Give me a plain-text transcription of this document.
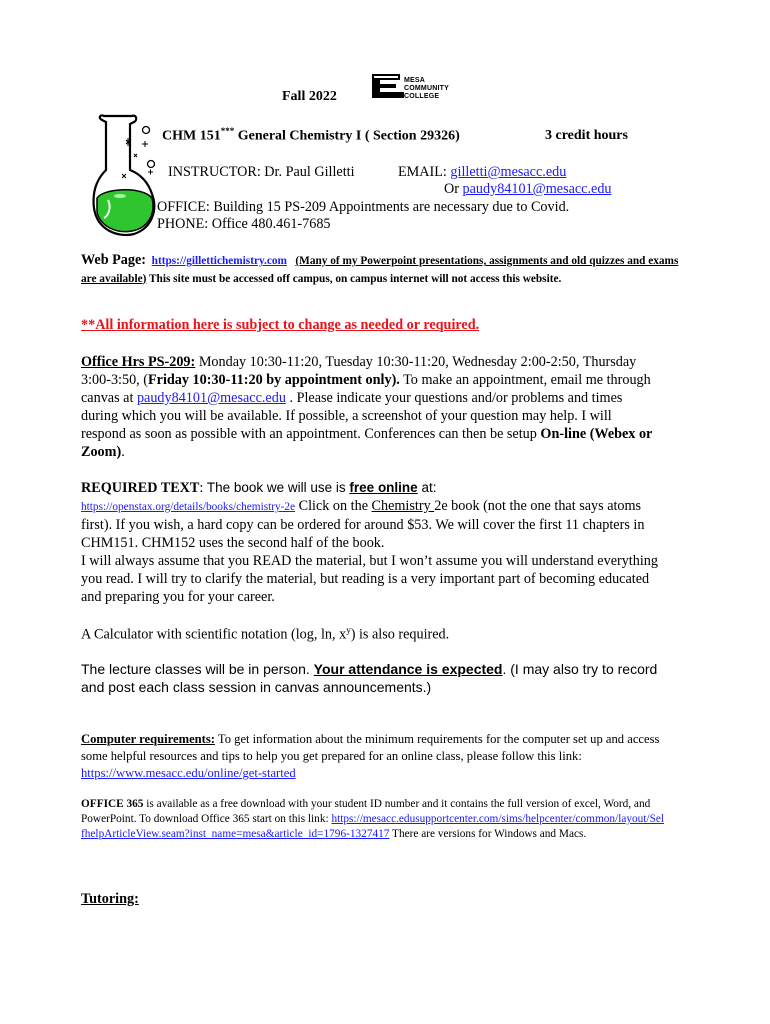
Fall 2022
MESA COMMUNITY COLLEGE
CHM 151*** General Chemistry I ( Section 29326)	3 credit hours
INSTRUCTOR: Dr. Paul Gilletti	EMAIL: gilletti@mesacc.edu
Or paudy84101@mesacc.edu
OFFICE: Building 15 PS-209 Appointments are necessary due to Covid.
PHONE: Office 480.461-7685
Web Page: https://gillettichemistry.com (Many of my Powerpoint presentations, assignments and old quizzes and exams are available) This site must be accessed off campus, on campus internet will not access this website.
**All information here is subject to change as needed or required.
Office Hrs PS-209: Monday 10:30-11:20, Tuesday 10:30-11:20, Wednesday 2:00-2:50, Thursday 3:00-3:50, (Friday 10:30-11:20 by appointment only). To make an appointment, email me through canvas at paudy84101@mesacc.edu . Please indicate your questions and/or problems and times during which you will be available. If possible, a screenshot of your question may help. I will respond as soon as possible with an appointment. Conferences can then be setup On-line (Webex or Zoom).
REQUIRED TEXT: The book we will use is free online at:
https://openstax.org/details/books/chemistry-2e Click on the Chemistry 2e book (not the one that says atoms first). If you wish, a hard copy can be ordered for around $53. We will cover the first 11 chapters in CHM151. CHM152 uses the second half of the book.
I will always assume that you READ the material, but I won’t assume you will understand everything you read. I will try to clarify the material, but reading is a very important part of becoming educated and preparing you for your career.
A Calculator with scientific notation (log, ln, $x^y$) is also required.
The lecture classes will be in person. Your attendance is expected. (I may also try to record and post each class session in canvas announcements.)
Computer requirements: To get information about the minimum requirements for the computer set up and access some helpful resources and tips to help you get prepared for an online class, please follow this link: https://www.mesacc.edu/online/get-started
OFFICE 365 is available as a free download with your student ID number and it contains the full version of excel, Word, and PowerPoint. To download Office 365 start on this link: https://mesacc.edusupportcenter.com/sims/helpcenter/common/layout/SelfhelpArticleView.seam?inst_name=mesa&article_id=1796-1327417 There are versions for Windows and Macs.
Tutoring:
